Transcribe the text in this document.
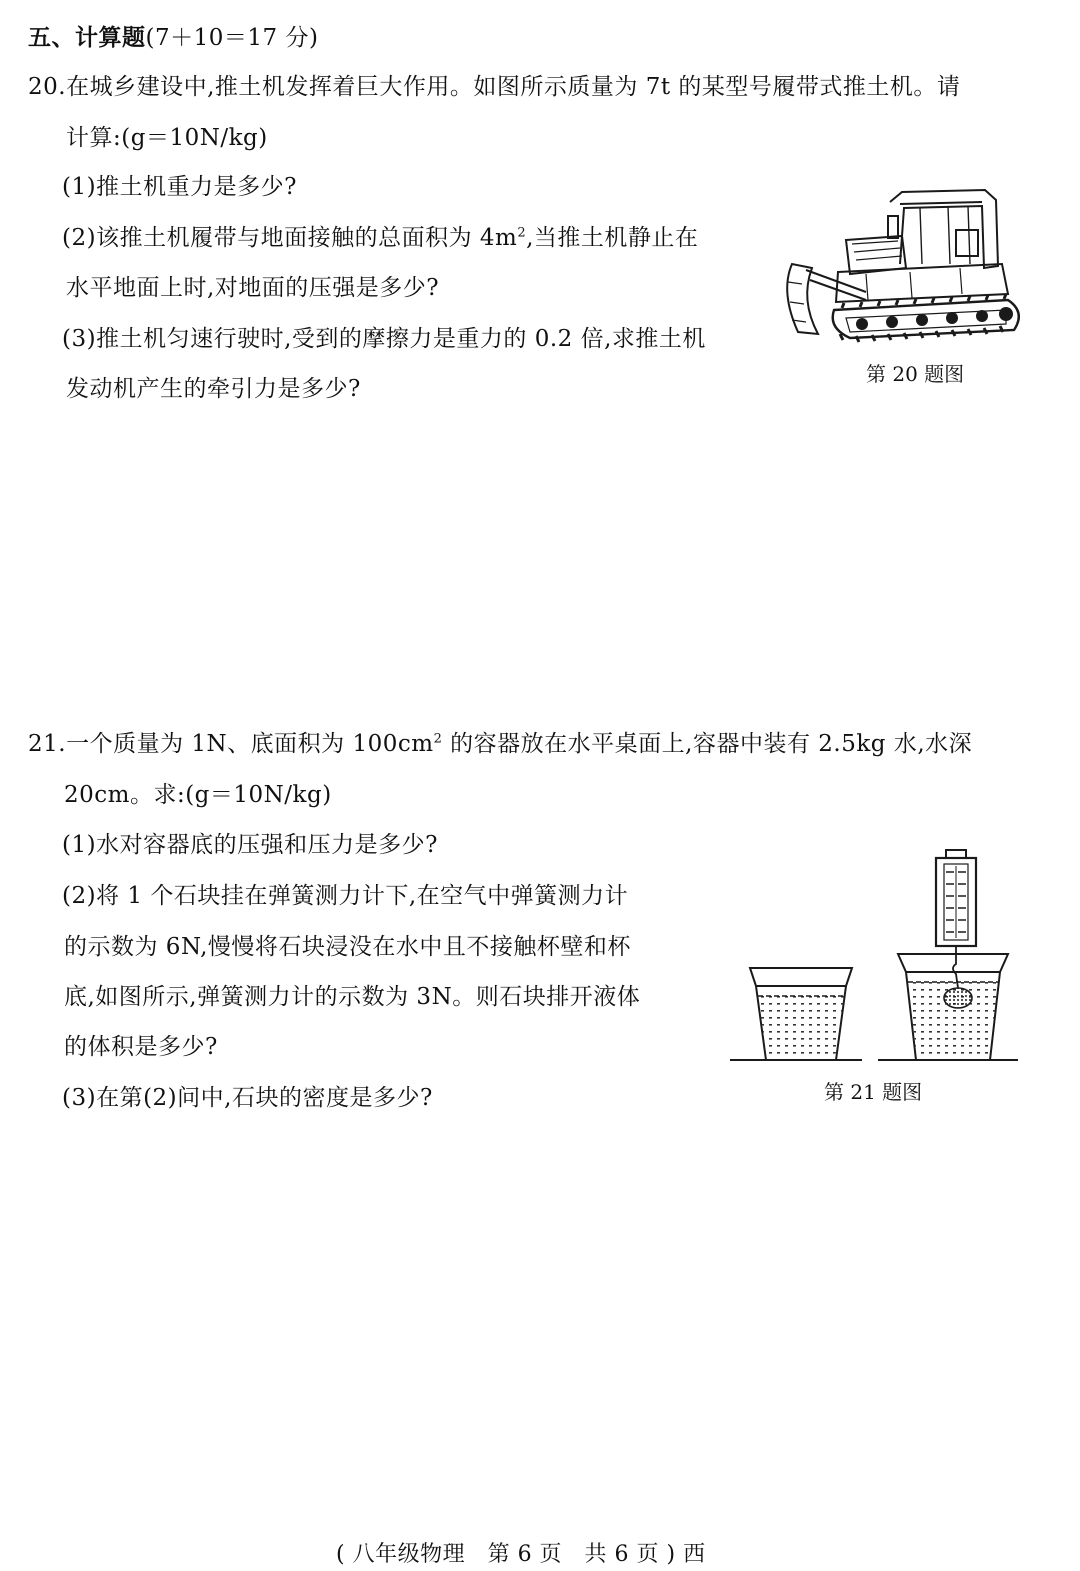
五、计算题(7＋10＝17 分)
20.在城乡建设中,推土机发挥着巨大作用。如图所示质量为 7t 的某型号履带式推土机。请
计算:(g＝10N/kg)
(1)推土机重力是多少?
(2)该推土机履带与地面接触的总面积为 $4m^2$,当推土机静止在
水平地面上时,对地面的压强是多少?
(3)推土机匀速行驶时,受到的摩擦力是重力的 0.2 倍,求推土机
发动机产生的牵引力是多少?
第 20 题图
21.一个质量为 1N、底面积为 $100cm^2$ 的容器放在水平桌面上,容器中装有 2.5kg 水,水深
20cm。求:(g＝10N/kg)
(1)水对容器底的压强和压力是多少?
(2)将 1 个石块挂在弹簧测力计下,在空气中弹簧测力计
的示数为 6N,慢慢将石块浸没在水中且不接触杯壁和杯
底,如图所示,弹簧测力计的示数为 3N。则石块排开液体
的体积是多少?
(3)在第(2)问中,石块的密度是多少?	第 21 题图
( 八年级物理　第 6 页　共 6 页 ) 西
